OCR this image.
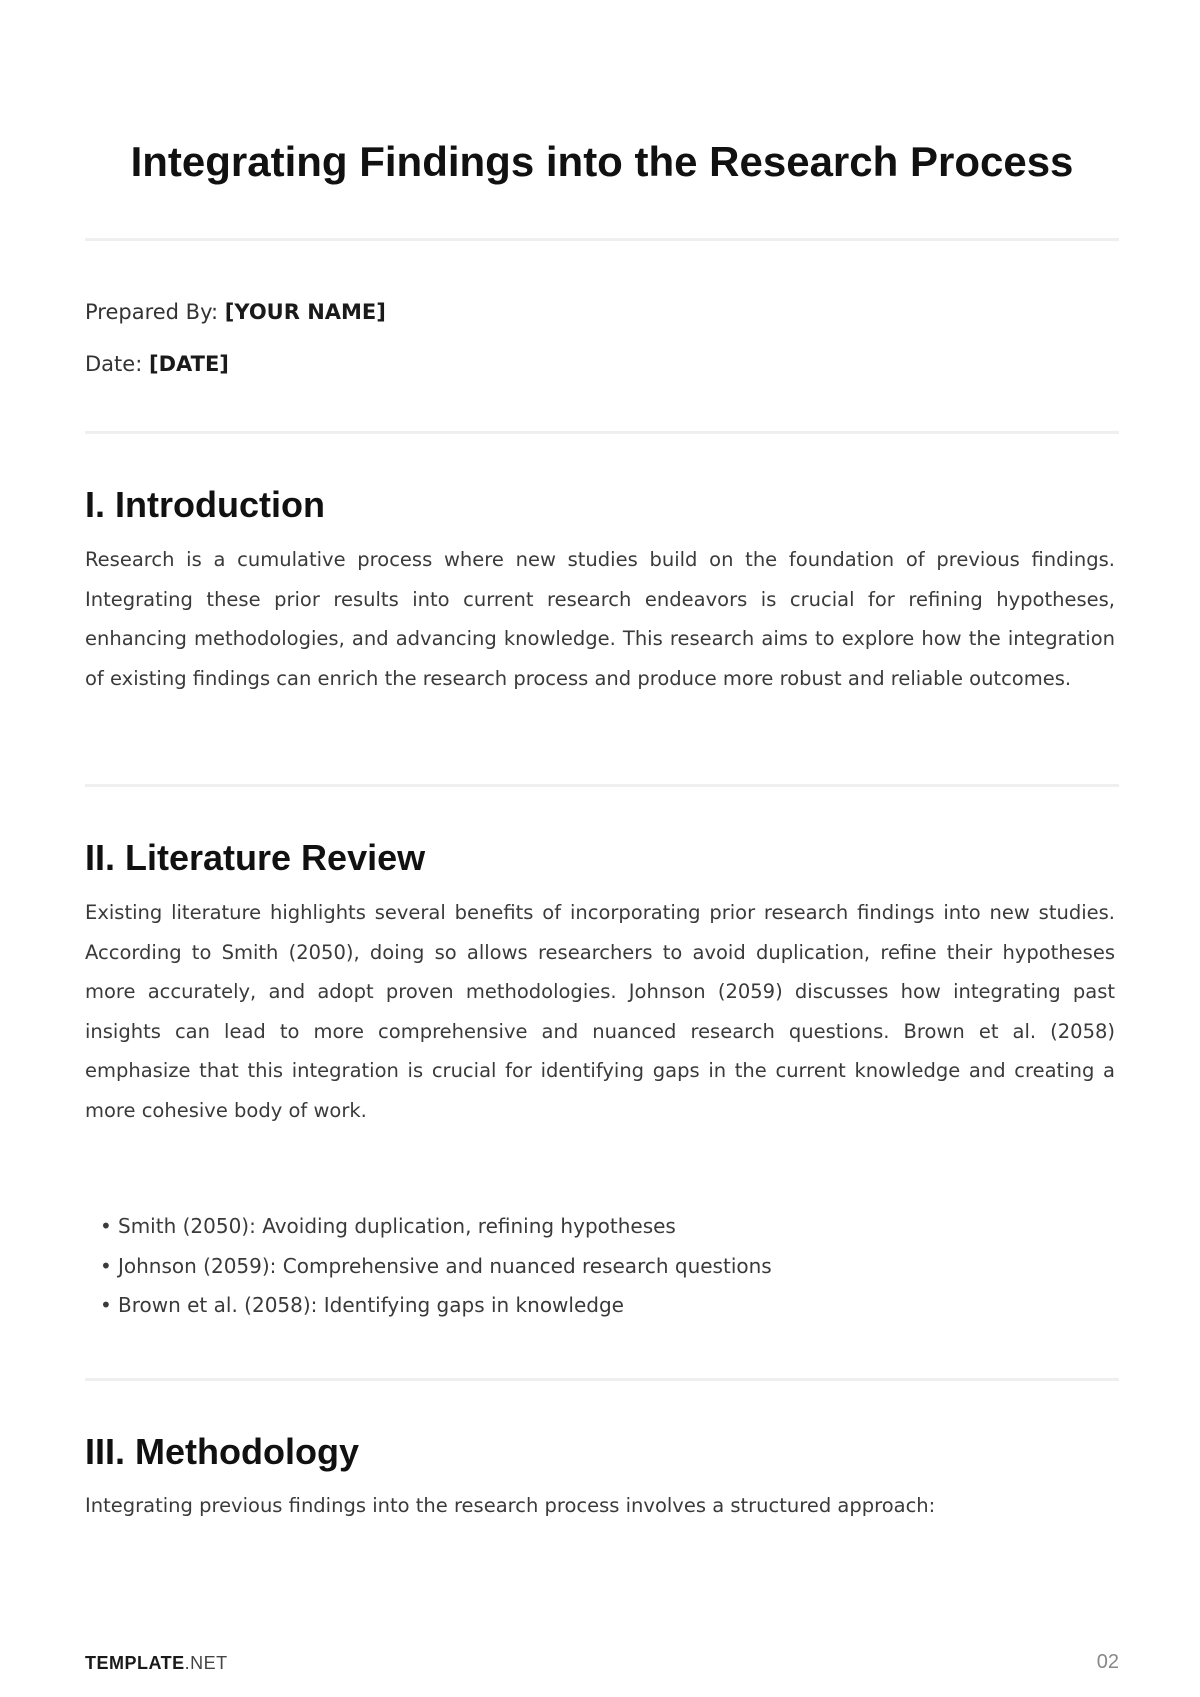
Integrating Findings into the Research Process
Prepared By: [YOUR NAME]
Date: [DATE]
I. Introduction

Research is a cumulative process where new studies build on the foundation of previous findings. Integrating these prior results into current research endeavors is crucial for refining hypotheses, enhancing methodologies, and advancing knowledge. This research aims to explore how the integration of existing findings can enrich the research process and produce more robust and reliable outcomes.

II. Literature Review

Existing literature highlights several benefits of incorporating prior research findings into new studies. According to Smith (2050), doing so allows researchers to avoid duplication, refine their hypotheses more accurately, and adopt proven methodologies. Johnson (2059) discusses how integrating past insights can lead to more comprehensive and nuanced research questions. Brown et al. (2058) emphasize that this integration is crucial for identifying gaps in the current knowledge and creating a more cohesive body of work.

• Smith (2050): Avoiding duplication, refining hypotheses
• Johnson (2059): Comprehensive and nuanced research questions
• Brown et al. (2058): Identifying gaps in knowledge
III. Methodology

Integrating previous findings into the research process involves a structured approach:

TEMPLATE.NET	02
